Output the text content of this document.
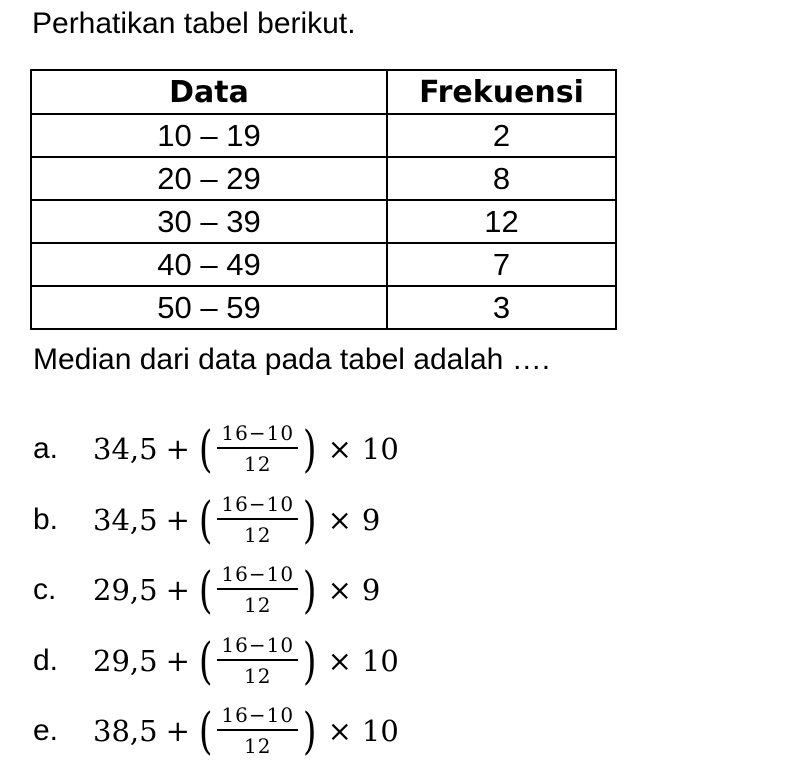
Perhatikan tabel berikut.
Data	Frekuensi
10 – 19	2
20 – 29	8
30 – 39	12
40 – 49	7
50 – 59	3
Median dari data pada tabel adalah ….
a.	34,5 + ( $\frac{16-10}{12}$ ) × 10
b.	34,5 + ( $\frac{16-10}{12}$ ) × 9
c.	29,5 + ( $\frac{16-10}{12}$ ) × 9
d.	29,5 + ( $\frac{16-10}{12}$ ) × 10
e.	38,5 + ( $\frac{16-10}{12}$ ) × 10
